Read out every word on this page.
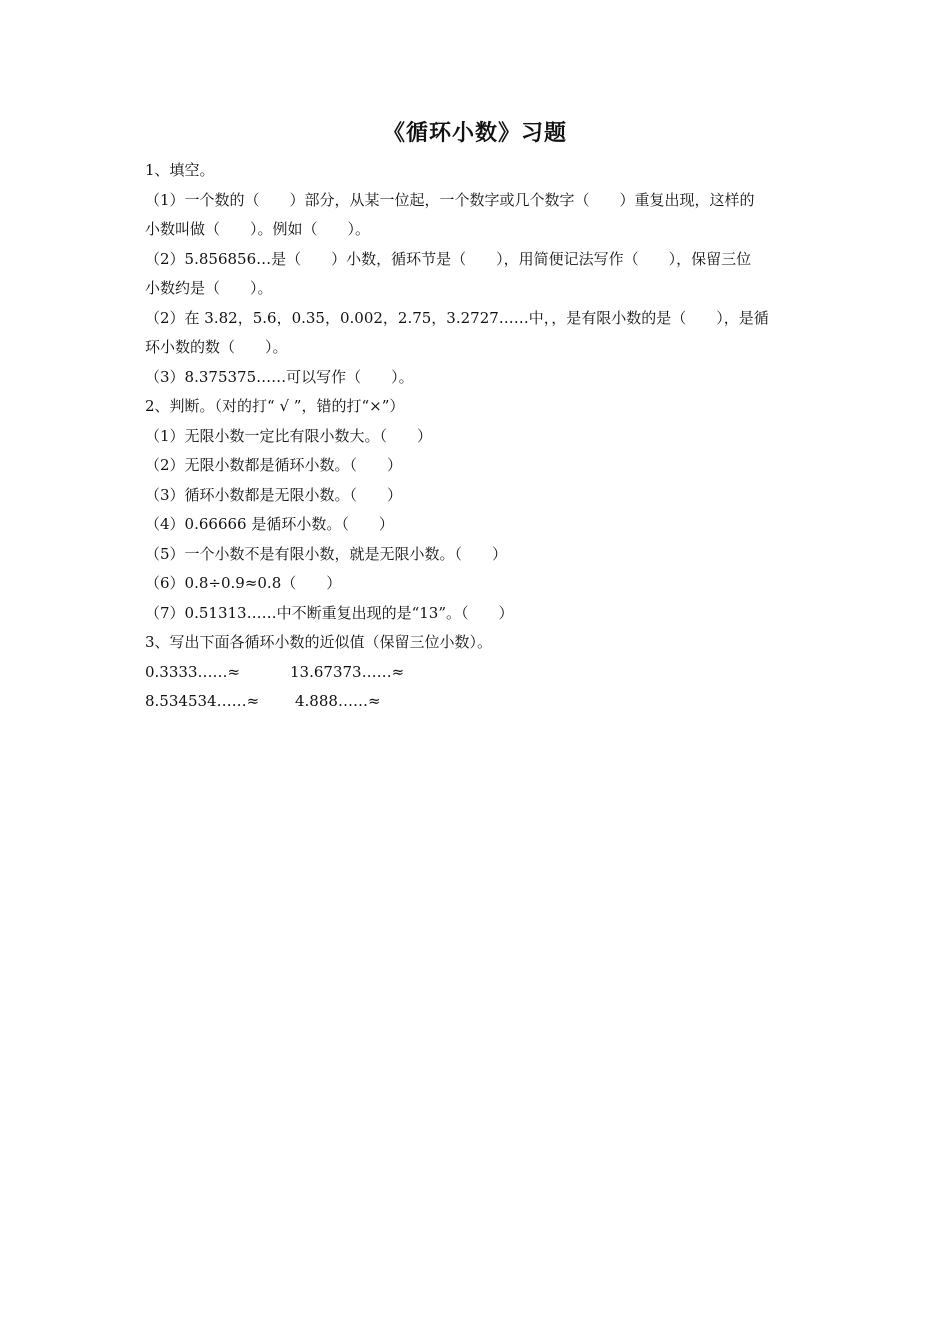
《循环小数》习题
1、填空。
（1）一个数的（　　）部分，从某一位起，一个数字或几个数字（　　）重复出现，这样的
小数叫做（　　）。例如（　　）。
（2）5.856856…是（　　）小数，循环节是（　　），用简便记法写作（　　），保留三位
小数约是（　　）。
（2）在 3.82，5.6，0.35，0.002，2.75，3.2727……中，，是有限小数的是（　　），是循
环小数的数（　　）。
（3）8.375375……可以写作（　　）。
2、判断。（对的打“ √ ”，错的打“×”）
（1）无限小数一定比有限小数大。（　　）
（2）无限小数都是循环小数。（　　）
（3）循环小数都是无限小数。（　　）
（4）0.66666 是循环小数。（　　）
（5）一个小数不是有限小数，就是无限小数。（　　）
（6）0.8÷0.9≈0.8（　　）
（7）0.51313……中不断重复出现的是“13”。（　　）
3、写出下面各循环小数的近似值（保留三位小数）。
0.3333……≈	13.67373……≈
8.534534……≈ 4.888……≈
